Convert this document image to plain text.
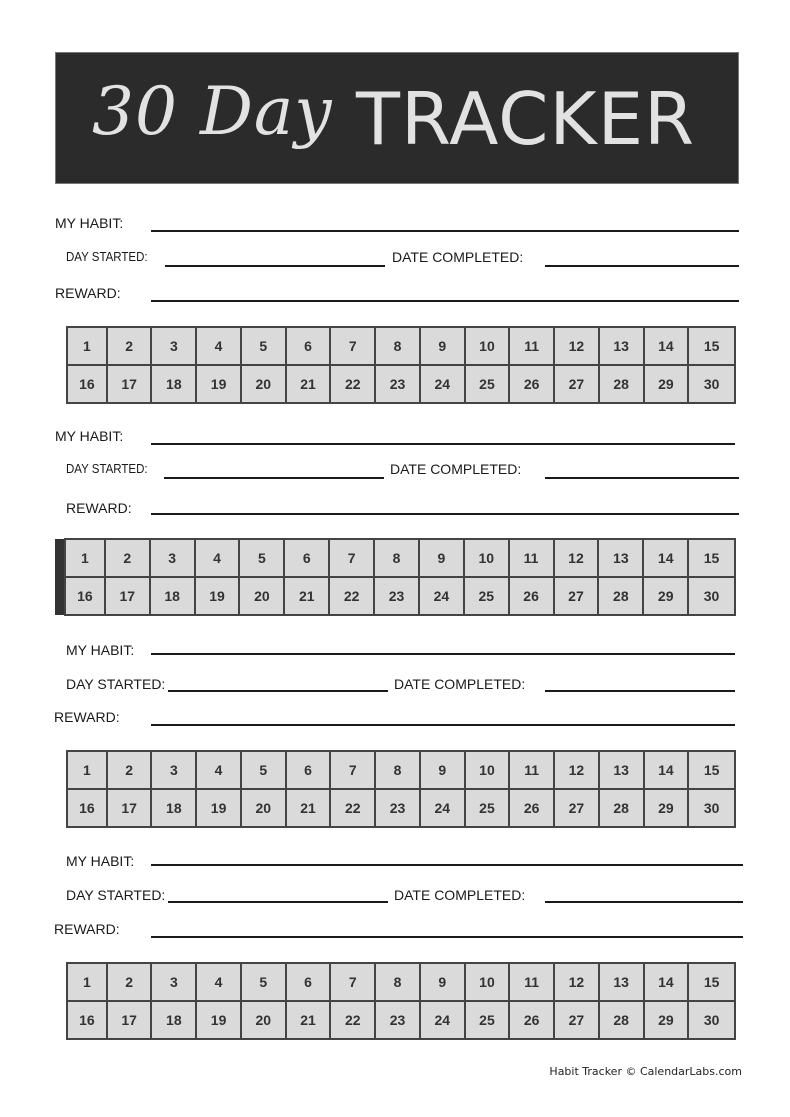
30 Day TRACKER
MY HABIT:
DAY STARTED:	DATE COMPLETED:
REWARD:
1	2	3	4	5	6	7	8	9	10	11	12	13	14	15
16	17	18	19	20	21	22	23	24	25	26	27	28	29	30
MY HABIT:
DAY STARTED:	DATE COMPLETED:
REWARD:
1	2	3	4	5	6	7	8	9	10	11	12	13	14	15
16	17	18	19	20	21	22	23	24	25	26	27	28	29	30
MY HABIT:
DAY STARTED:	DATE COMPLETED:
REWARD:
1	2	3	4	5	6	7	8	9	10	11	12	13	14	15
16	17	18	19	20	21	22	23	24	25	26	27	28	29	30
MY HABIT:
DAY STARTED:	DATE COMPLETED:
REWARD:
1	2	3	4	5	6	7	8	9	10	11	12	13	14	15
16	17	18	19	20	21	22	23	24	25	26	27	28	29	30
Habit Tracker © CalendarLabs.com
